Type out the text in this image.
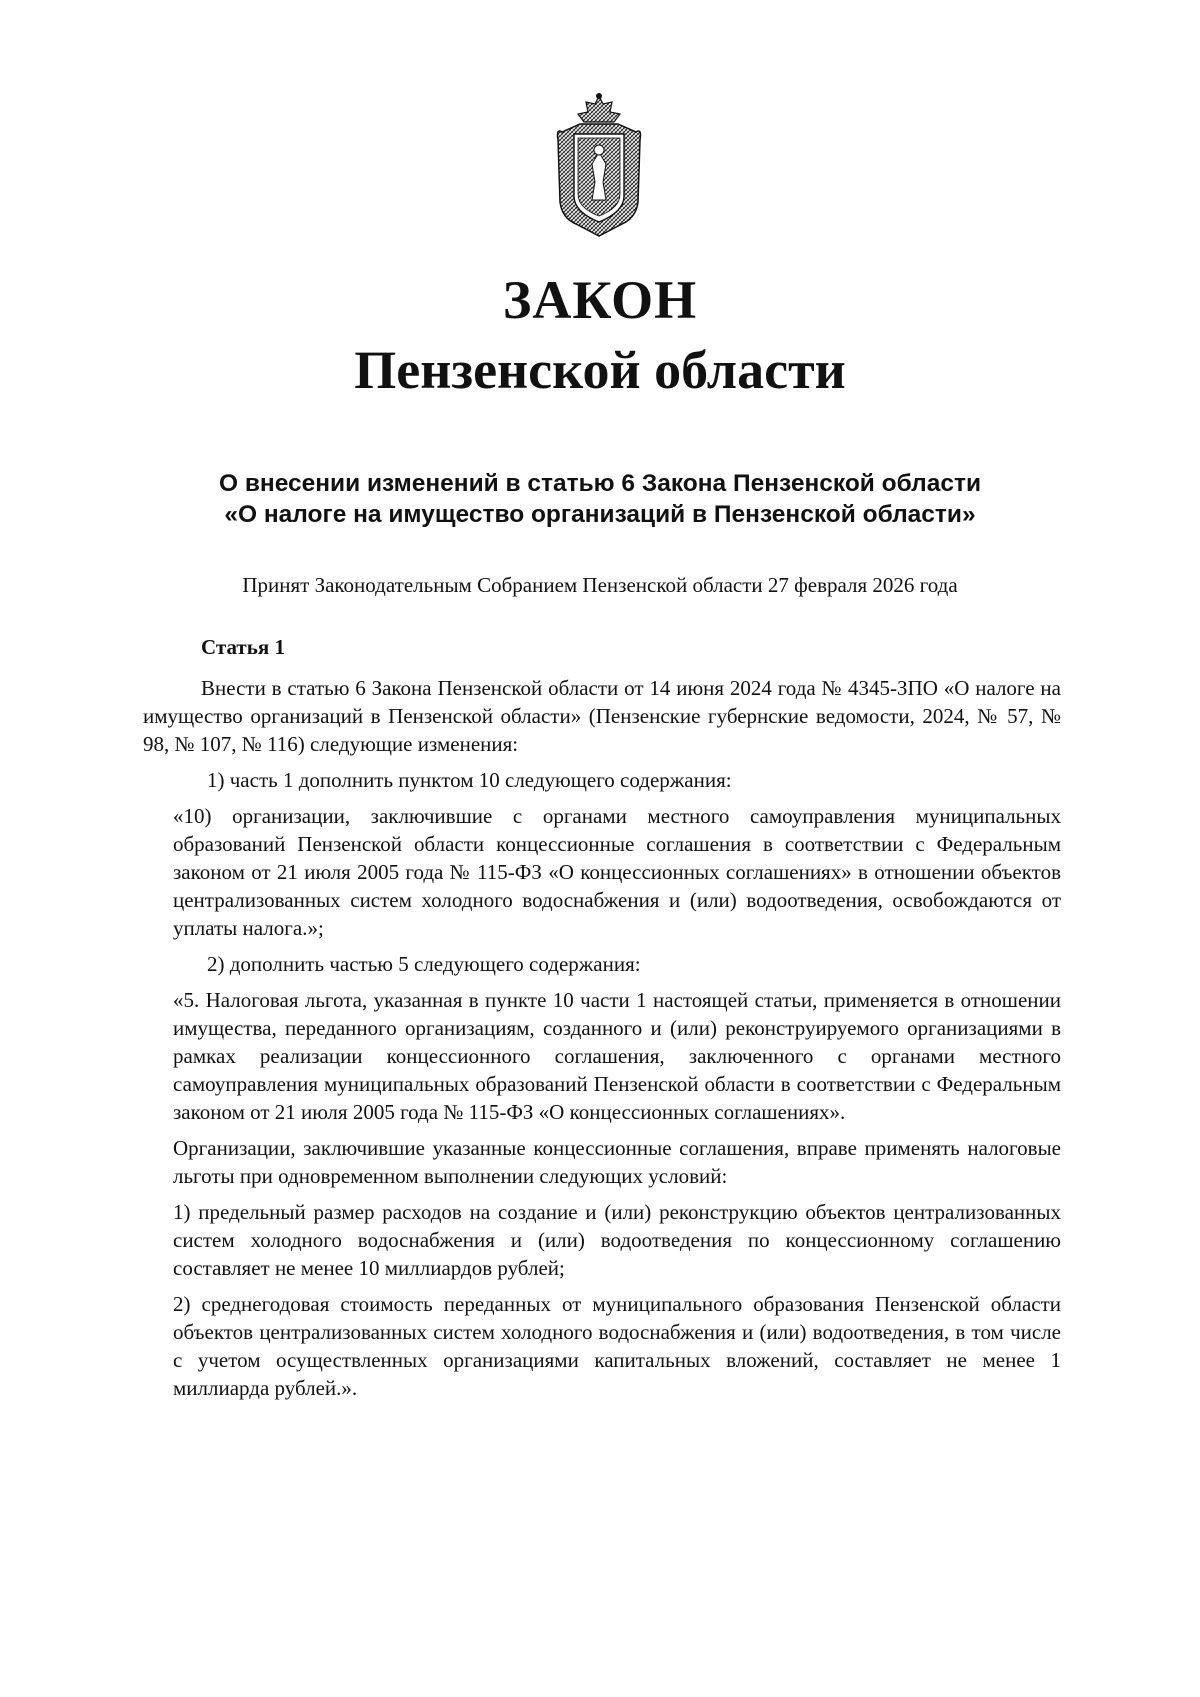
ЗАКОН
Пензенской области
О внесении изменений в статью 6 Закона Пензенской области
«О налоге на имущество организаций в Пензенской области»
Принят Законодательным Собранием Пензенской области 27 февраля 2026 года
Статья 1

Внести в статью 6 Закона Пензенской области от 14 июня 2024 года № 4345-ЗПО «О налоге на имущество организаций в Пензенской области» (Пензенские губернские ведомости, 2024, № 57, № 98, № 107, № 116) следующие изменения:

1) часть 1 дополнить пунктом 10 следующего содержания:

«10) организации, заключившие с органами местного самоуправления муниципальных образований Пензенской области концессионные соглашения в соответствии с Федеральным законом от 21 июля 2005 года № 115-ФЗ «О концессионных соглашениях» в отношении объектов централизованных систем холодного водоснабжения и (или) водоотведения, освобождаются от уплаты налога.»;

2) дополнить частью 5 следующего содержания:

«5. Налоговая льгота, указанная в пункте 10 части 1 настоящей статьи, применяется в отношении имущества, переданного организациям, созданного и (или) реконструируемого организациями в рамках реализации концессионного соглашения, заключенного с органами местного самоуправления муниципальных образований Пензенской области в соответствии с Федеральным законом от 21 июля 2005 года № 115-ФЗ «О концессионных соглашениях».

Организации, заключившие указанные концессионные соглашения, вправе применять налоговые льготы при одновременном выполнении следующих условий:

1) предельный размер расходов на создание и (или) реконструкцию объектов централизованных систем холодного водоснабжения и (или) водоотведения по концессионному соглашению составляет не менее 10 миллиардов рублей;

2) среднегодовая стоимость переданных от муниципального образования Пензенской области объектов централизованных систем холодного водоснабжения и (или) водоотведения, в том числе с учетом осуществленных организациями капитальных вложений, составляет не менее 1 миллиарда рублей.».
